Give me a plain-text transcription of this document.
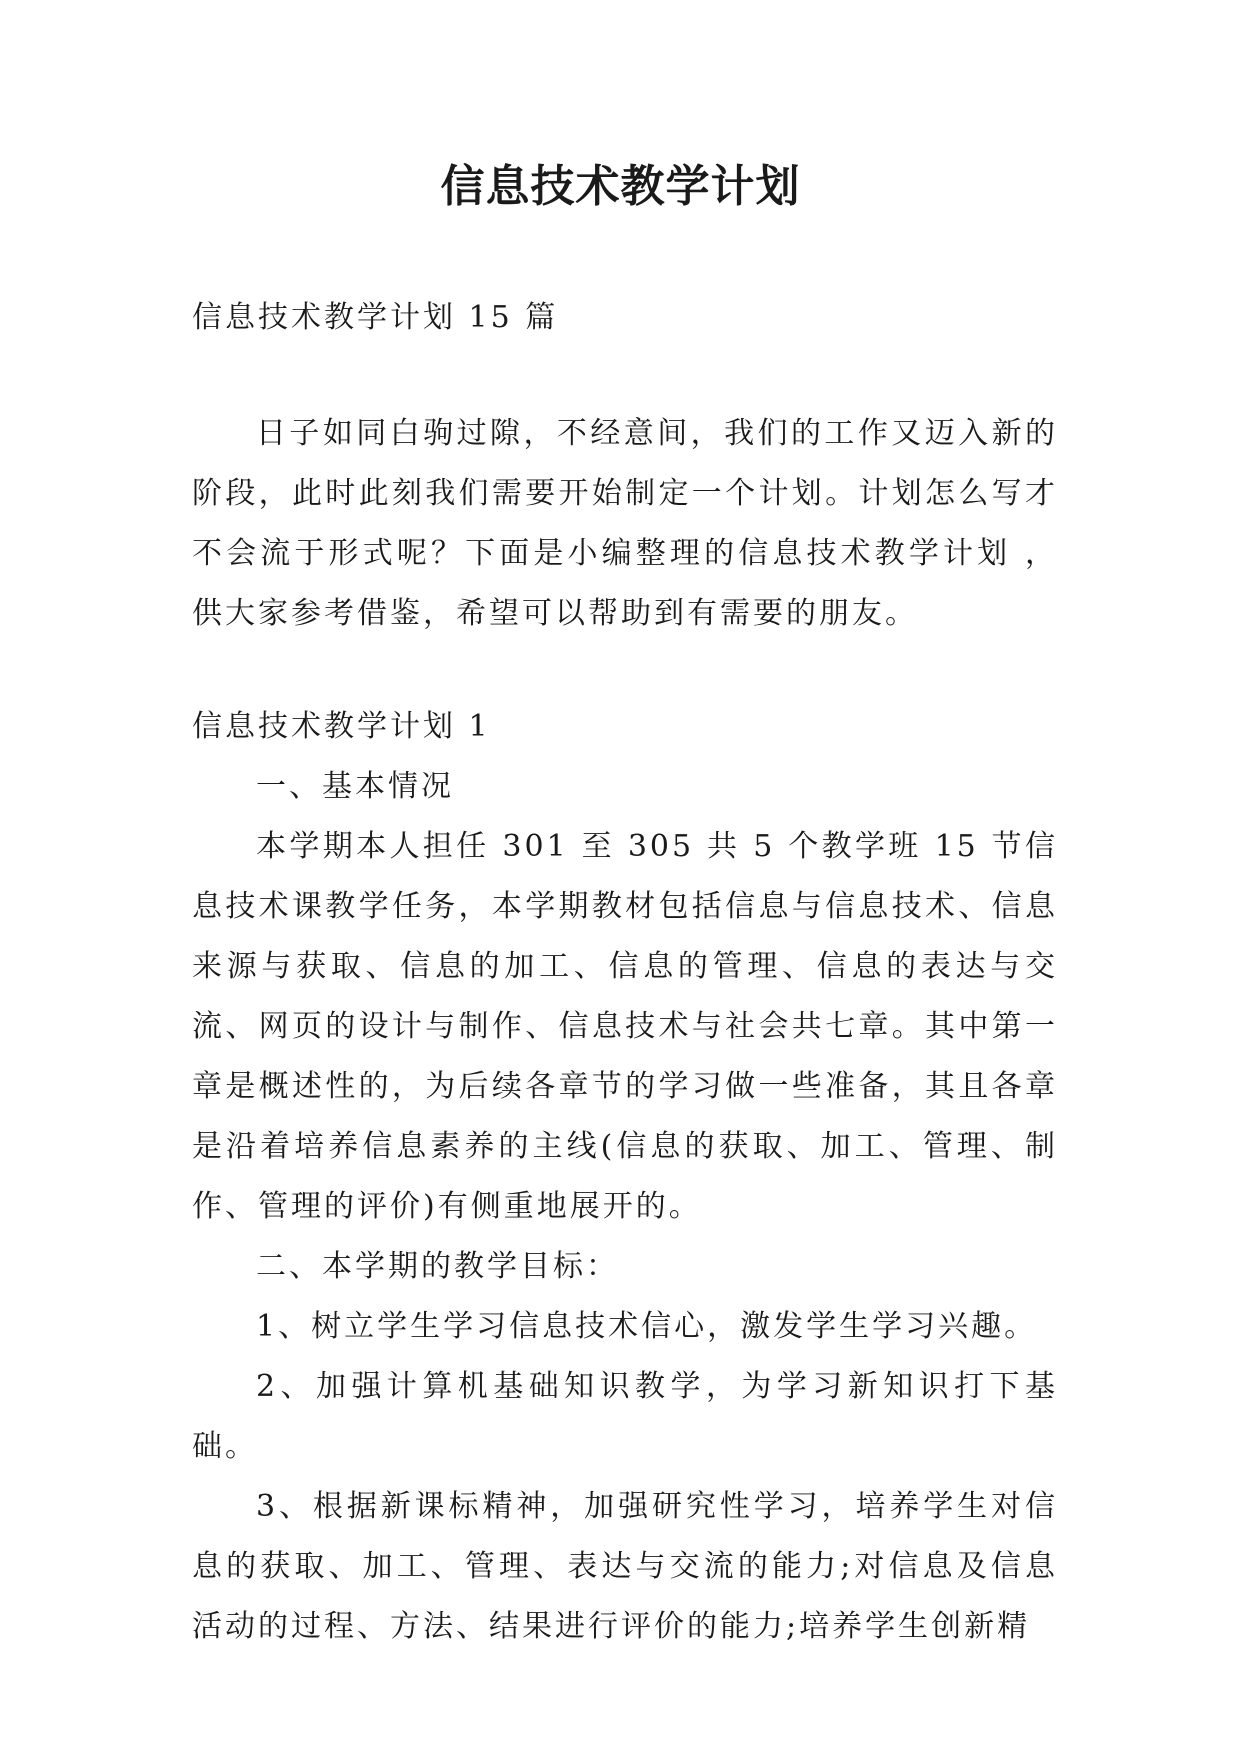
信息技术教学计划

信息技术教学计划 15 篇

日子如同白驹过隙，不经意间，我们的工作又迈入新的阶段，此时此刻我们需要开始制定一个计划。计划怎么写才不会流于形式呢？下面是小编整理的信息技术教学计划 ，供大家参考借鉴，希望可以帮助到有需要的朋友。

信息技术教学计划 1

一、基本情况

本学期本人担任 301 至 305 共 5 个教学班 15 节信息技术课教学任务，本学期教材包括信息与信息技术、信息来源与获取、信息的加工、信息的管理、信息的表达与交流、网页的设计与制作、信息技术与社会共七章。其中第一章是概述性的，为后续各章节的学习做一些准备，其且各章是沿着培养信息素养的主线(信息的获取、加工、管理、制作、管理的评价)有侧重地展开的。

二、本学期的教学目标：

1、树立学生学习信息技术信心，激发学生学习兴趣。

2、加强计算机基础知识教学，为学习新知识打下基础。

3、根据新课标精神，加强研究性学习，培养学生对信息的获取、加工、管理、表达与交流的能力;对信息及信息活动的过程、方法、结果进行评价的能力;培养学生创新精
